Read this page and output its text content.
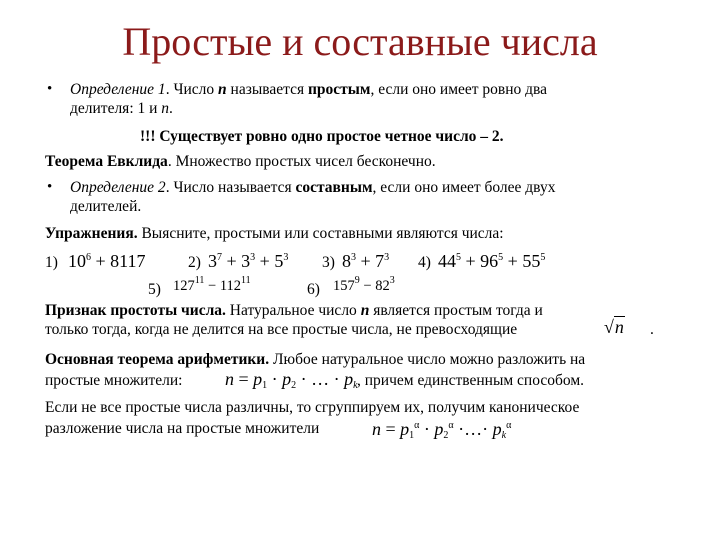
Простые и составные числа
• Определение 1. Число n называется простым, если оно имеет ровно два
делителя: 1 и n.
!!! Существует ровно одно простое четное число – 2.
Теорема Евклида. Множество простых чисел бесконечно.
• Определение 2. Число называется составным, если оно имеет более двух
делителей.
Упражнения. Выясните, простыми или составными являются числа:
1) $10^6 + 8117$	2) $3^7 + 3^3 + 5^3$ 3) $8^3 + 7^3$ 4) $44^5 + 96^5 + 55^5$
5) $127^{11} - 112^{11}$
6) $157^9 - 82^3$
Признак простоты числа. Натуральное число n является простым тогда и
только тогда, когда не делится на все простые числа, не превосходящие	√n .
Основная теорема арифметики. Любое натуральное число можно разложить на
простые множители: $n = p_1 \cdot p_2$ · … · $p_k$ , причем единственным способом.
Если не все простые числа различны, то сгруппируем их, получим каноническое
разложение числа на простые множители	$n = p_1^\alpha \cdot p_2^\alpha$ ·…· $p_k^\alpha$
